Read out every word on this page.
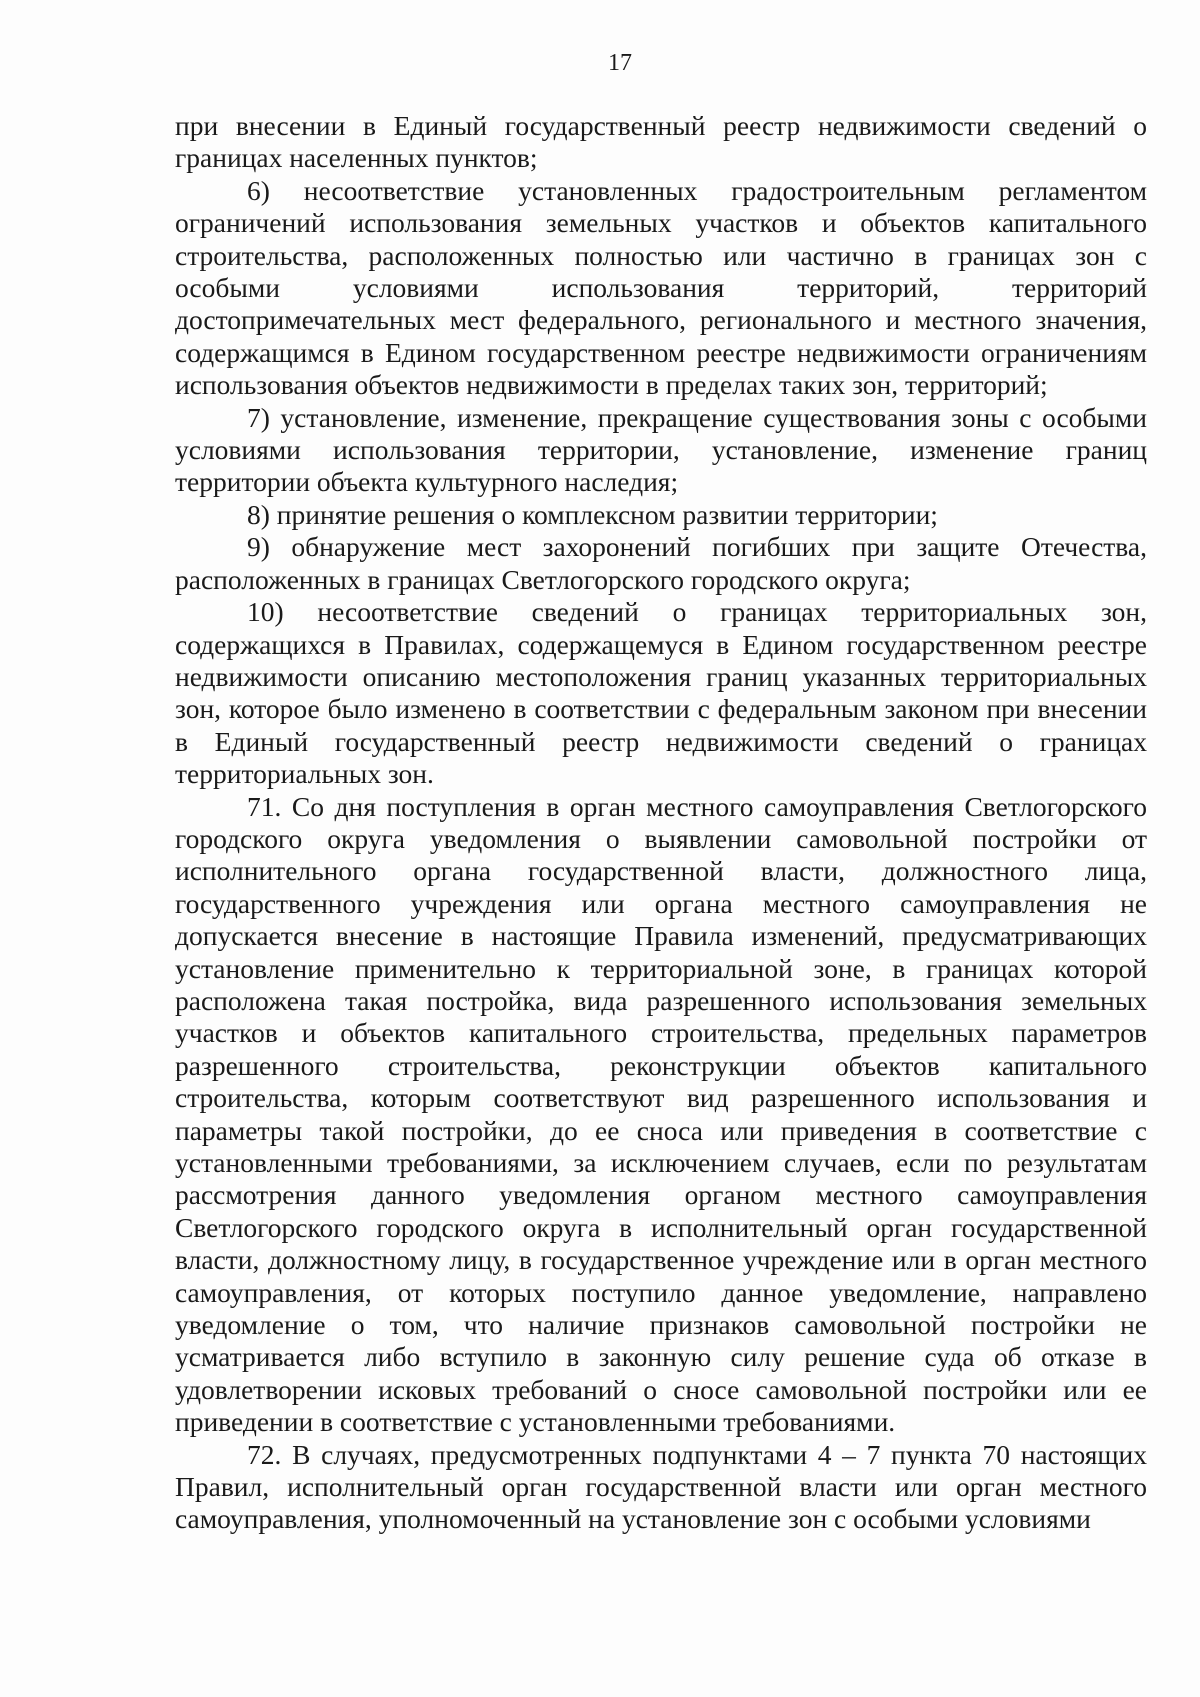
17

при внесении в Единый государственный реестр недвижимости сведений о границах населенных пунктов;

6) несоответствие установленных градостроительным регламентом ограничений использования земельных участков и объектов капитального строительства, расположенных полностью или частично в границах зон с особыми условиями использования территорий, территорий достопримечательных мест федерального, регионального и местного значения, содержащимся в Едином государственном реестре недвижимости ограничениям использования объектов недвижимости в пределах таких зон, территорий;

7) установление, изменение, прекращение существования зоны с особыми условиями использования территории, установление, изменение границ территории объекта культурного наследия;

8) принятие решения о комплексном развитии территории;

9) обнаружение мест захоронений погибших при защите Отечества, расположенных в границах Светлогорского городского округа;

10) несоответствие сведений о границах территориальных зон, содержащихся в Правилах, содержащемуся в Едином государственном реестре недвижимости описанию местоположения границ указанных территориальных зон, которое было изменено в соответствии с федеральным законом при внесении в Единый государственный реестр недвижимости сведений о границах территориальных зон.

71. Со дня поступления в орган местного самоуправления Светлогорского городского округа уведомления о выявлении самовольной постройки от исполнительного органа государственной власти, должностного лица, государственного учреждения или органа местного самоуправления не допускается внесение в настоящие Правила изменений, предусматривающих установление применительно к территориальной зоне, в границах которой расположена такая постройка, вида разрешенного использования земельных участков и объектов капитального строительства, предельных параметров разрешенного строительства, реконструкции объектов капитального строительства, которым соответствуют вид разрешенного использования и параметры такой постройки, до ее сноса или приведения в соответствие с установленными требованиями, за исключением случаев, если по результатам рассмотрения данного уведомления органом местного самоуправления Светлогорского городского округа в исполнительный орган государственной власти, должностному лицу, в государственное учреждение или в орган местного самоуправления, от которых поступило данное уведомление, направлено уведомление о том, что наличие признаков самовольной постройки не усматривается либо вступило в законную силу решение суда об отказе в удовлетворении исковых требований о сносе самовольной постройки или ее приведении в соответствие с установленными требованиями.

72. В случаях, предусмотренных подпунктами 4 – 7 пункта 70 настоящих Правил, исполнительный орган государственной власти или орган местного самоуправления, уполномоченный на установление зон с особыми условиями
